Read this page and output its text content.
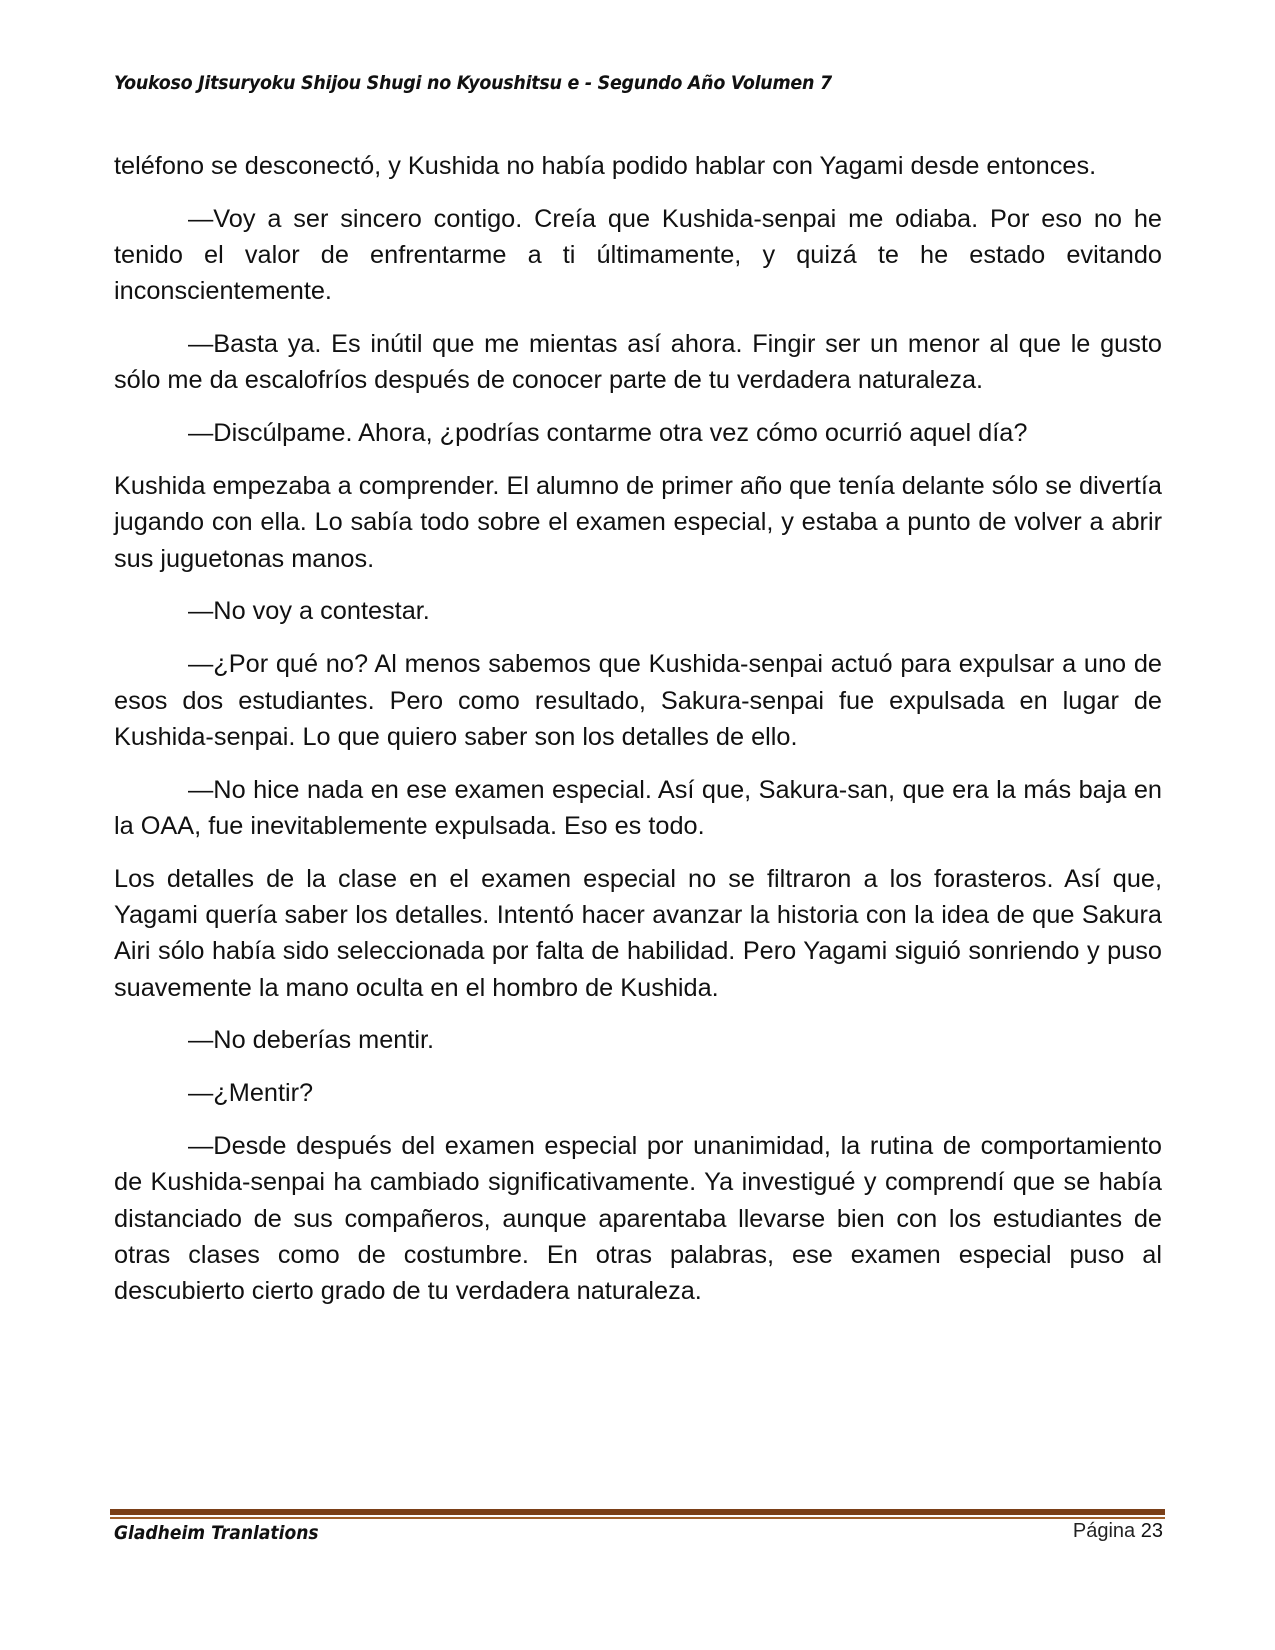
Youkoso Jitsuryoku Shijou Shugi no Kyoushitsu e - Segundo Año Volumen 7

teléfono se desconectó, y Kushida no había podido hablar con Yagami desde entonces.

—Voy a ser sincero contigo. Creía que Kushida-senpai me odiaba. Por eso no he tenido el valor de enfrentarme a ti últimamente, y quizá te he estado evitando inconscientemente.

—Basta ya. Es inútil que me mientas así ahora. Fingir ser un menor al que le gusto sólo me da escalofríos después de conocer parte de tu verdadera naturaleza.

—Discúlpame. Ahora, ¿podrías contarme otra vez cómo ocurrió aquel día?

Kushida empezaba a comprender. El alumno de primer año que tenía delante sólo se divertía jugando con ella. Lo sabía todo sobre el examen especial, y estaba a punto de volver a abrir sus juguetonas manos.

—No voy a contestar.

—¿Por qué no? Al menos sabemos que Kushida-senpai actuó para expulsar a uno de esos dos estudiantes. Pero como resultado, Sakura-senpai fue expulsada en lugar de Kushida-senpai. Lo que quiero saber son los detalles de ello.

—No hice nada en ese examen especial. Así que, Sakura-san, que era la más baja en la OAA, fue inevitablemente expulsada. Eso es todo.

Los detalles de la clase en el examen especial no se filtraron a los forasteros. Así que, Yagami quería saber los detalles. Intentó hacer avanzar la historia con la idea de que Sakura Airi sólo había sido seleccionada por falta de habilidad. Pero Yagami siguió sonriendo y puso suavemente la mano oculta en el hombro de Kushida.

—No deberías mentir.

—¿Mentir?

—Desde después del examen especial por unanimidad, la rutina de comportamiento de Kushida-senpai ha cambiado significativamente. Ya investigué y comprendí que se había distanciado de sus compañeros, aunque aparentaba llevarse bien con los estudiantes de otras clases como de costumbre. En otras palabras, ese examen especial puso al descubierto cierto grado de tu verdadera naturaleza.

Gladheim Tranlations	Página 23
